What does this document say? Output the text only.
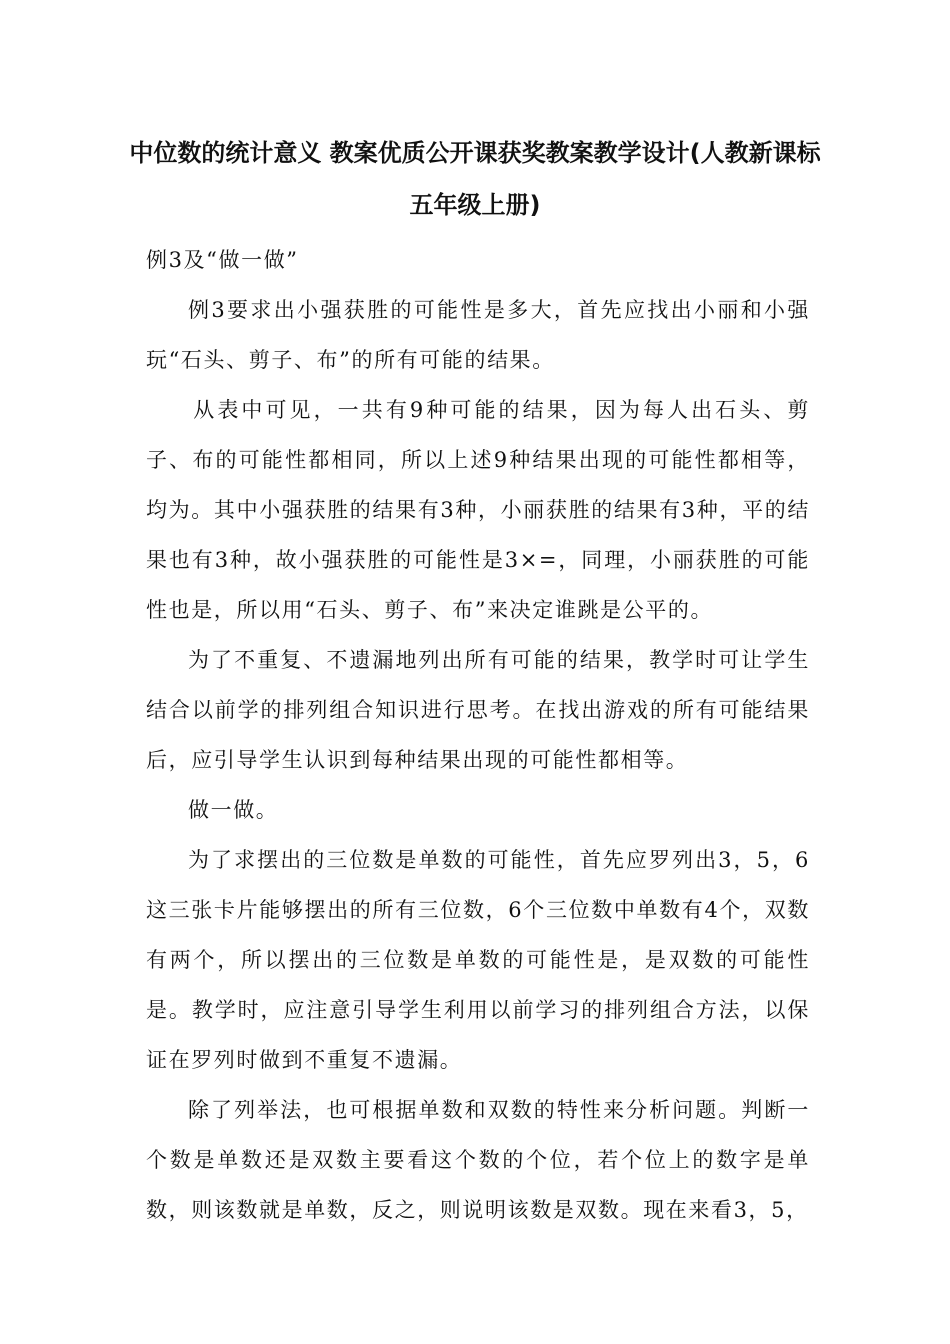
中位数的统计意义 教案优质公开课获奖教案教学设计(人教新课标
五年级上册)

例3及“做一做”

例3要求出小强获胜的可能性是多大，首先应找出小丽和小强玩“石头、剪子、布”的所有可能的结果。

从表中可见，一共有9种可能的结果，因为每人出石头、剪子、布的可能性都相同，所以上述9种结果出现的可能性都相等，均为。其中小强获胜的结果有3种，小丽获胜的结果有3种，平的结果也有3种，故小强获胜的可能性是3×=，同理，小丽获胜的可能性也是，所以用“石头、剪子、布”来决定谁跳是公平的。

为了不重复、不遗漏地列出所有可能的结果，教学时可让学生结合以前学的排列组合知识进行思考。在找出游戏的所有可能结果后，应引导学生认识到每种结果出现的可能性都相等。

做一做。

为了求摆出的三位数是单数的可能性，首先应罗列出3，5，6这三张卡片能够摆出的所有三位数，6个三位数中单数有4个，双数有两个，所以摆出的三位数是单数的可能性是，是双数的可能性是。教学时，应注意引导学生利用以前学习的排列组合方法，以保证在罗列时做到不重复不遗漏。

除了列举法，也可根据单数和双数的特性来分析问题。判断一个数是单数还是双数主要看这个数的个位，若个位上的数字是单数，则该数就是单数，反之，则说明该数是双数。现在来看3，5，
